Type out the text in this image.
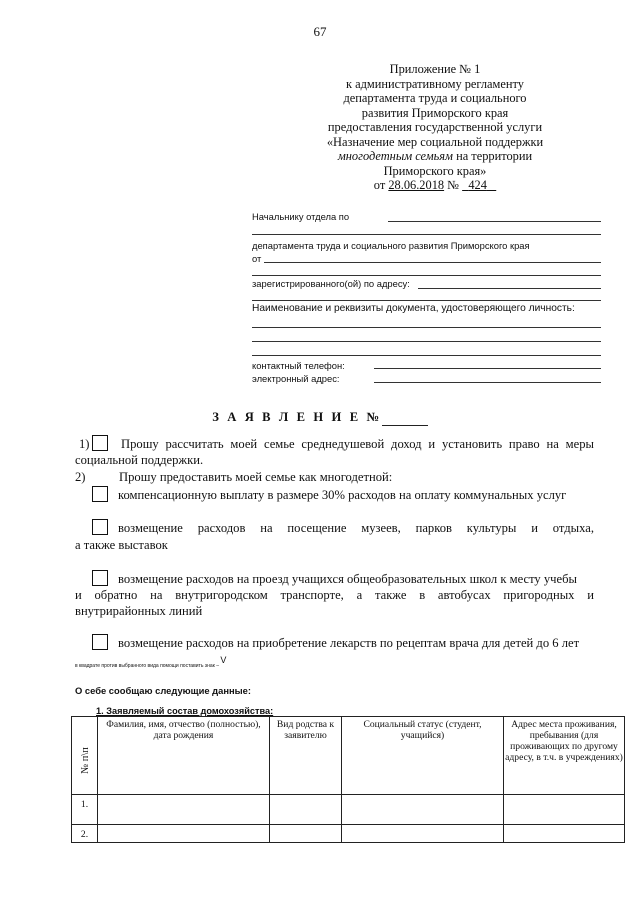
67
Приложение № 1
к административному регламенту
департамента труда и социального
развития Приморского края
предоставления государственной услуги
«Назначение мер социальной поддержки
многодетным семьям на территории
Приморского края»
от 28.06.2018 №   424
Начальнику отдела по
департамента труда и социального развития Приморского края
от
зарегистрированного(ой) по адресу:
Наименование и реквизиты документа, удостоверяющего личность:
контактный телефон:
электронный адрес:
З А Я В Л Е Н И Е №
1)	Прошу рассчитать моей семье среднедушевой доход и установить право на меры
социальной поддержки.
2)	Прошу предоставить моей семье как многодетной:
компенсационную выплату в размере 30% расходов на оплату коммунальных услуг
возмещение расходов на посещение музеев, парков культуры и отдыха,
а также выставок
возмещение расходов на проезд учащихся общеобразовательных школ к месту учебы
и обратно на внутригородском транспорте, а также в автобусах пригородных и
внутрирайонных линий
возмещение расходов на приобретение лекарств по рецептам врача для детей до 6 лет
в квадрате против выбранного вида помощи поставить знак – V
О себе сообщаю следующие данные:
1. Заявляемый состав домохозяйства:
№ п\п	Фамилия, имя, отчество (полностью), дата рождения	Вид родства к заявителю	Социальный статус (студент, учащийся)	Адрес места проживания, пребывания (для проживающих по другому адресу, в т.ч. в учреждениях)
1.				
2.				
